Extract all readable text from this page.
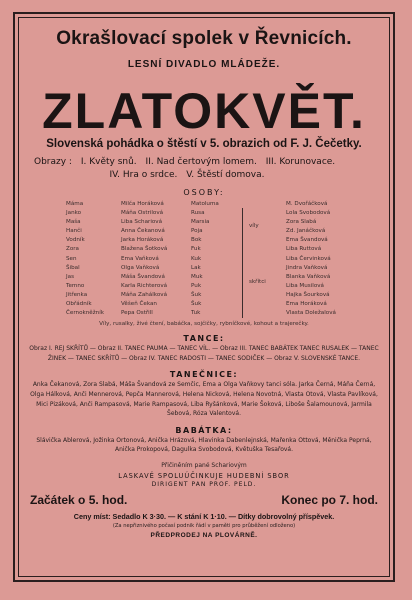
Okrašlovací spolek v Řevnicích.
LESNÍ DIVADLO MLÁDEŽE.
ZLATOKVĚT.
Slovenská pohádka o štěstí v 5. obrazich od F. J. Čečetky.
Obrazy : I. Květy snů. II. Nad čertovým lomem. III. Korunovace.
IV. Hra o srdce. V. Štěstí domova.
OSOBY:
víly
skřítci
Máma	Milča Horáková	Matoluma	M. Dvořáčková
Janko	Máňa Ostrilová	Rusa	Lola Svobodová
Maša	Liba Schariová	Marsia	Zora Slabá
Hanči	Anna Čekanová	Poja	Zd. Janáčková
Vodník	Jarka Horáková	Bok	Ema Švandová
Zora	Blažena Šotková	Fuk	Liba Ruttová
Sen	Ema Vaňková	Kuk	Liba Červinková
Šibal	Olga Vaňková	Lak	Jindra Vaňková
Jas	Máša Švandová	Muk	Blanka Vaňková
Temno	Karla Richterová	Puk	Liba Musilová
Jitřenka	Máňa Zahálková	Šuk	Hajka Šourková
Obřádník	Věšeň Čekan	Šuk	Ema Horáková
Černokněžník	Pepa Ostřill	Tuk	Vlasta Doležalová
Víly, rusalky, živé čtení, babáčka, sojčičky, rybníčkové, kohout a trajerečky.
TANCE:
Obraz I. REJ SKŘÍTŮ — Obraz II. TANEC PAUMA — TANEC VÍL. — Obraz III. TANEC BABÁTEK TANEC RUSALEK — TANEC ŽINEK — TANEC SKŘÍTŮ — Obraz IV. TANEC RADOSTI — TANEC SODIČEK — Obraz V. SLOVENSKÉ TANCE.
TANEČNICE:
Anka Čekanová, Zora Slabá, Máša Švandová ze Semčic, Ema a Olga Vaňkovy tanci sóla. Jarka Černá, Máňa Černá, Olga Hálková, Anči Mennerová, Pepča Mannerová, Helena Nicková, Helena Novotná, Vlasta Otová, Vlasta Pavlíková, Mici Pizáková, Anči Rampasová, Marie Rampasová, Liba Ryšánková, Marie Šoková, Liboše Šalamounová, Jarmila Šebová, Róza Valentová.
BABÁTKA:
Slávička Ablerová, Jožinka Ortonová, Anička Hrázová, Hlavinka Dabenlejnská, Mařenka Ottová, Měnička Peprná, Anička Prokopová, Dagulka Svobodová, Květuška Tesařová.
Přičiněním pané Schariovým
LASKAVĚ SPOLUÚČINKUJE HUDEBNÍ SBOR
DIRIGENT PAN PROF. PELD.
Začátek o 5. hod.	Konec po 7. hod.
Ceny míst: Sedadlo K 3·30. — K stání K 1·10. — Dítky dobrovolný příspěvek.
(Za nepřiznivého počasí podnik řádí v paměti pro průběžení odloženo)
PŘEDPRODEJ NA PLOVÁRNĚ.
